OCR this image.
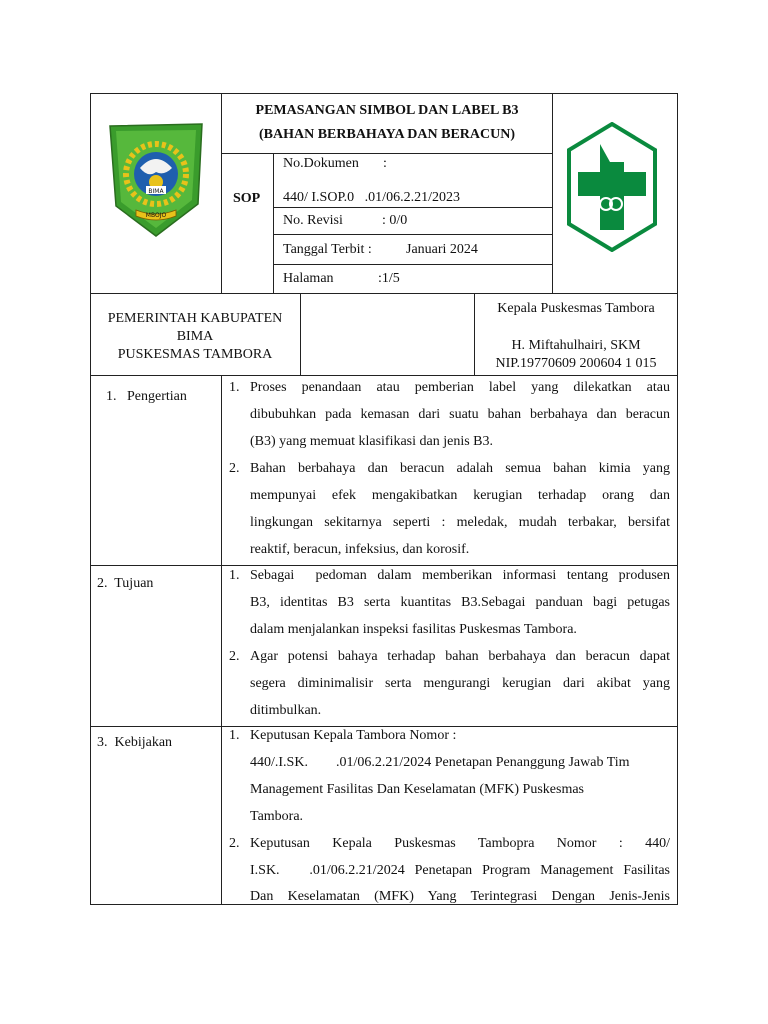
BIMA
MBOJO
PEMASANGAN SIMBOL DAN LABEL B3
(BAHAN BERBAHAYA DAN BERACUN)
SOP
No.Dokumen :
440/ I.SOP.0   .01/06.2.21/2023
No. Revisi	: 0/0
Tanggal Terbit : Januari 2024
Halaman	:1/5
PEMERINTAH KABUPATEN
BIMA
PUSKESMAS TAMBORA
Kepala Puskesmas Tambora
H. Miftahulhairi, SKM
NIP.19770609 200604 1 015
1.   Pengertian
1. Proses penandaan atau pemberian label yang dilekatkan atau
dibubuhkan pada kemasan dari suatu bahan berbahaya dan beracun
(B3) yang memuat klasifikasi dan jenis B3.
2. Bahan berbahaya dan beracun adalah semua bahan kimia yang
mempunyai efek mengakibatkan kerugian terhadap orang dan
lingkungan sekitarnya seperti : meledak, mudah terbakar, bersifat
reaktif, beracun, infeksius, dan korosif.
2.  Tujuan
1. Sebagai  pedoman dalam memberikan informasi tentang produsen
B3, identitas B3 serta kuantitas B3.Sebagai panduan bagi petugas
dalam menjalankan inspeksi fasilitas Puskesmas Tambora.
2. Agar potensi bahaya terhadap bahan berbahaya dan beracun dapat
segera diminimalisir serta mengurangi kerugian dari akibat yang
ditimbulkan.
3.  Kebijakan	1. Keputusan Kepala Tambora Nomor :
440/.I.SK.        .01/06.2.21/2024 Penetapan Penanggung Jawab Tim
Management Fasilitas Dan Keselamatan (MFK) Puskesmas
Tambora.
2. Keputusan Kepala Puskesmas Tambopra Nomor : 440/
I.SK.   .01/06.2.21/2024 Penetapan Program Management Fasilitas
Dan Keselamatan (MFK) Yang Terintegrasi Dengan Jenis-Jenis
